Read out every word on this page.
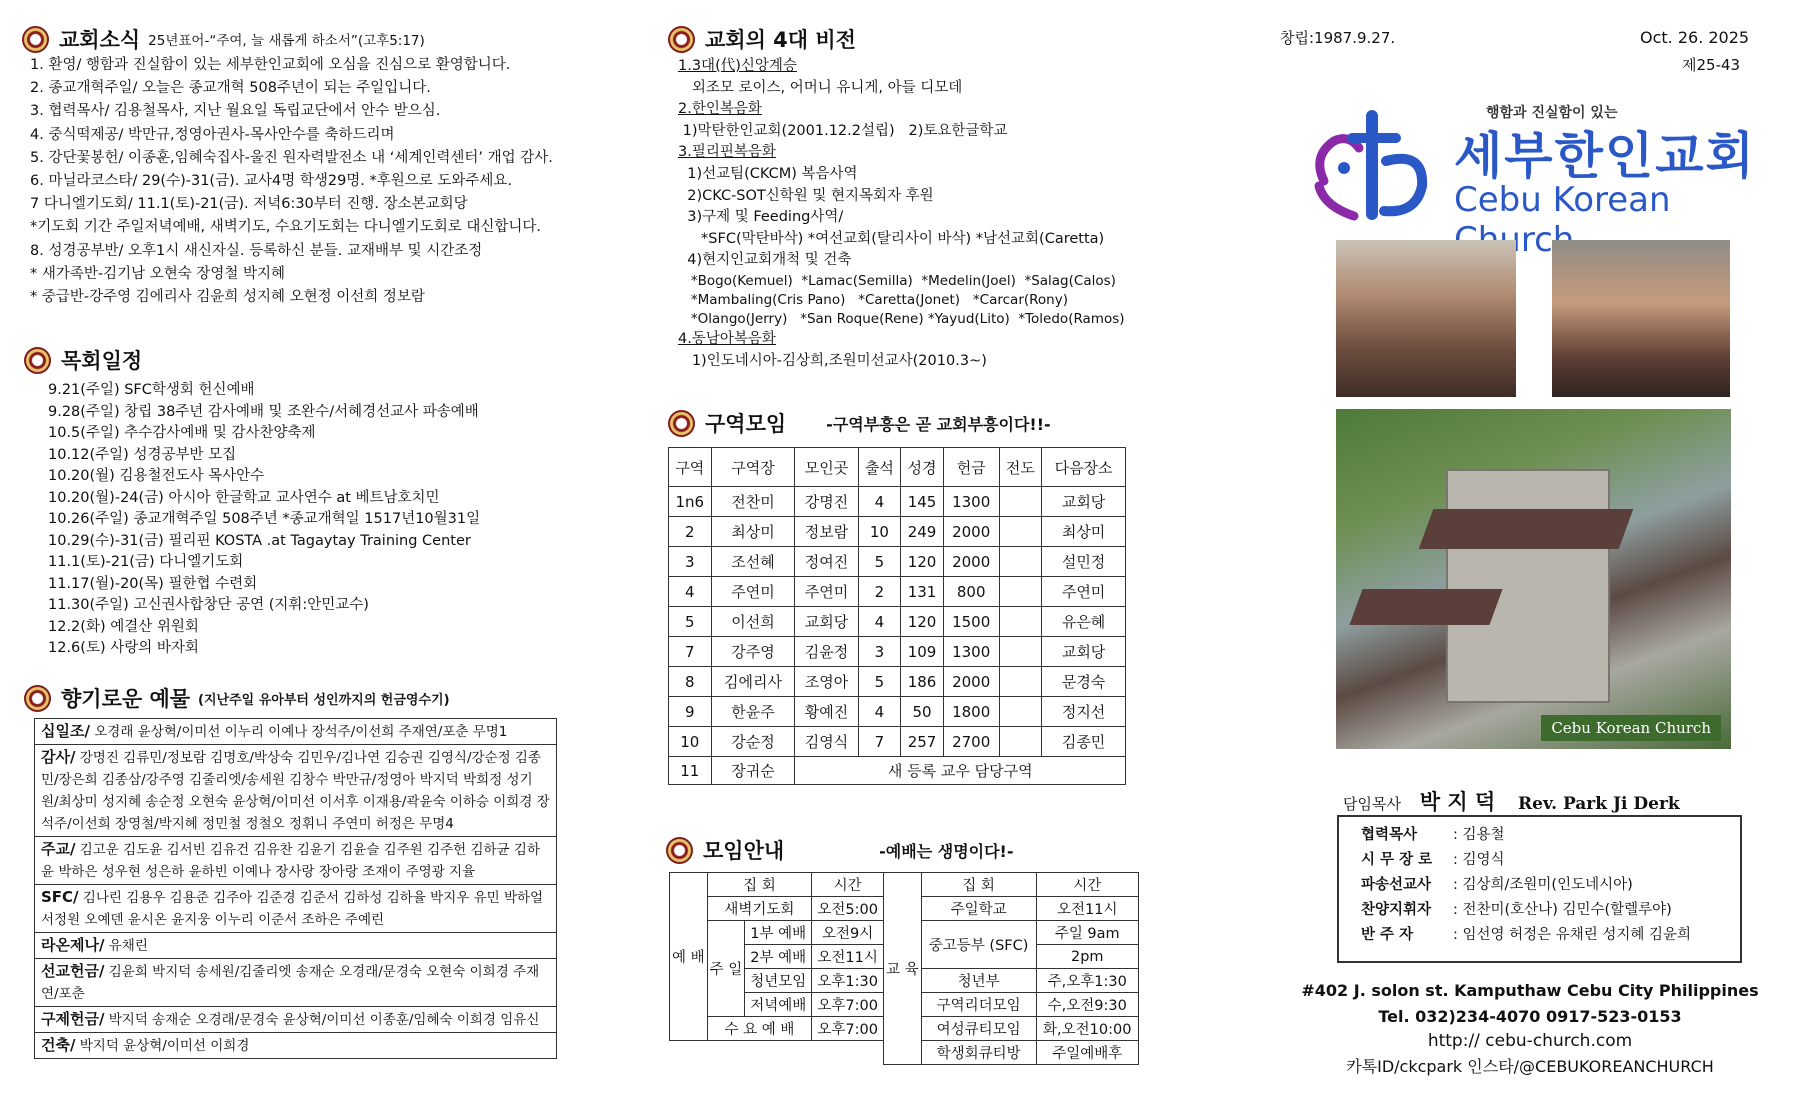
교회소식 25년표어-“주여, 늘 새롭게 하소서”(고후5:17)
1. 환영/ 행함과 진실함이 있는 세부한인교회에 오심을 진심으로 환영합니다.
2. 종교개혁주일/ 오늘은 종교개혁 508주년이 되는 주일입니다.
3. 협력목사/ 김용철목사, 지난 월요일 독립교단에서 안수 받으심.
4. 중식떡제공/ 박만규,정영아권사-목사안수를 축하드리며
5. 강단꽃봉헌/ 이종훈,임혜숙집사-울진 원자력발전소 내 ‘세계인력센터’ 개업 감사.
6. 마닐라코스타/ 29(수)-31(금). 교사4명 학생29명. *후원으로 도와주세요.
7 다니엘기도회/ 11.1(토)-21(금). 저녁6:30부터 진행. 장소본교회당
*기도회 기간 주일저녁예배, 새벽기도, 수요기도회는 다니엘기도회로 대신합니다.
8. 성경공부반/ 오후1시 새신자실. 등록하신 분들. 교재배부 및 시간조정
* 새가족반-김기남 오현숙 장영철 박지혜
* 중급반-강주영 김에리사 김윤희 성지혜 오현정 이선희 정보람
목회일정
9.21(주일) SFC학생회 헌신예배
9.28(주일) 창립 38주년 감사예배 및 조완수/서혜경선교사 파송예배
10.5(주일) 추수감사예배 및 감사찬양축제
10.12(주일) 성경공부반 모집
10.20(월) 김용철전도사 목사안수
10.20(월)-24(금) 아시아 한글학교 교사연수 at 베트남호치민
10.26(주일) 종교개혁주일 508주년 *종교개혁일 1517년10월31일
10.29(수)-31(금) 필리핀 KOSTA .at Tagaytay Training Center
11.1(토)-21(금) 다니엘기도회
11.17(월)-20(목) 필한협 수련회
11.30(주일) 고신권사합창단 공연 (지휘:안민교수)
12.2(화) 예결산 위원회
12.6(토) 사랑의 바자회
향기로운 예물 (지난주일 유아부터 성인까지의 헌금영수기)
십일조/ 오경래 윤상혁/이미선 이누리 이예나 장석주/이선희 주재연/포춘 무명1
감사/ 강명진 김류민/정보람 김명호/박상숙 김민우/김나연 김승권 김영식/강순정 김종민/장은희 김종삼/강주영 김줄리엣/송세원 김창수 박만규/정영아 박지덕 박희정 성기원/최상미 성지혜 송순정 오현숙 윤상혁/이미선 이서후 이재용/곽윤숙 이하승 이희경 장석주/이선희 장영철/박지혜 정민철 정철오 정휘니 주연미 허정은 무명4
주교/ 김고운 김도윤 김서빈 김유건 김유찬 김윤기 김윤슬 김주원 김주헌 김하균 김하윤 박하은 성우현 성은하 윤하빈 이예나 장사랑 장아랑 조재이 주영광 지율
SFC/ 김나린 김용우 김용준 김주아 김준경 김준서 김하성 김하율 박지우 유민 박하얼 서정원 오예덴 윤시온 윤지웅 이누리 이준서 조하은 주예린
라온제나/ 유채린
선교헌금/ 김윤희 박지덕 송세원/김줄리엣 송재순 오경래/문경숙 오현숙 이희경 주재연/포춘
구제헌금/ 박지덕 송재순 오경래/문경숙 윤상혁/이미선 이종훈/임혜숙 이희경 임유신
건축/ 박지덕 윤상혁/이미선 이희경
교회의 4대 비전
1.3대(代)신앙계승
외조모 로이스, 어머니 유니게, 아들 디모데
2.한인복음화
1)막탄한인교회(2001.12.2설립)   2)토요한글학교
3.필리핀복음화
1)선교팀(CKCM) 복음사역
2)CKC-SOT신학원 및 현지목회자 후원
3)구제 및 Feeding사역/
*SFC(막탄바삭) *여선교회(탈리사이 바삭) *남선교회(Caretta)
4)현지인교회개척 및 건축
*Bogo(Kemuel)  *Lamac(Semilla)  *Medelin(Joel)  *Salag(Calos)
*Mambaling(Cris Pano)   *Caretta(Jonet)   *Carcar(Rony)
*Olango(Jerry)   *San Roque(Rene) *Yayud(Lito)  *Toledo(Ramos)
4.동남아복음화
1)인도네시아-김상희,조원미선교사(2010.3~)
구역모임	-구역부흥은 곧 교회부흥이다!!-
구역	구역장	모인곳	출석	성경	헌금	전도	다음장소
1n6	전찬미	강명진	4	145	1300		교회당
2	최상미	정보람	10	249	2000		최상미
3	조선혜	정여진	5	120	2000		설민정
4	주연미	주연미	2	131	800		주연미
5	이선희	교회당	4	120	1500		유은혜
7	강주영	김윤정	3	109	1300		교회당
8	김에리사	조영아	5	186	2000		문경숙
9	한윤주	황예진	4	50	1800		정지선
10	강순정	김영식	7	257	2700		김종민
11	장귀순	새 등록 교우 담당구역					
모임안내	-예배는 생명이다!-
예 배	집 회		시간	교 육	집 회	시간
	새벽기도회		오전5:00		주일학교	오전11시
	주 일	1부 예배	오전9시		중고등부 (SFC)	주일 9am
		2부 예배	오전11시			2pm
		청년모임	오후1:30		청년부	주,오후1:30
		저녁예배	오후7:00		구역리더모임	수,오전9:30
	수 요 예 배		오후7:00		여성큐티모임	화,오전10:00
					학생회큐티방	주일예배후
창립:1987.9.27.	Oct. 26. 2025
제25-43
행함과 진실함이 있는
세부한인교회
Cebu Korean
Cebu Korean Church
담임목사 박 지 덕 Rev. Park Ji Derk
협력목사 : 김용철
시 무 장 로 : 김영식
파송선교사 : 김상희/조원미(인도네시아)
찬양지휘자 : 전찬미(호산나) 김민수(할렐루야)
반 주 자	: 임선영 허정은 유채린 성지혜 김윤희
#402 J. solon st. Kamputhaw Cebu City Philippines
Tel. 032)234-4070 0917-523-0153
http:// cebu-church.com
카톡ID/ckcpark 인스타/@CEBUKOREANCHURCH
